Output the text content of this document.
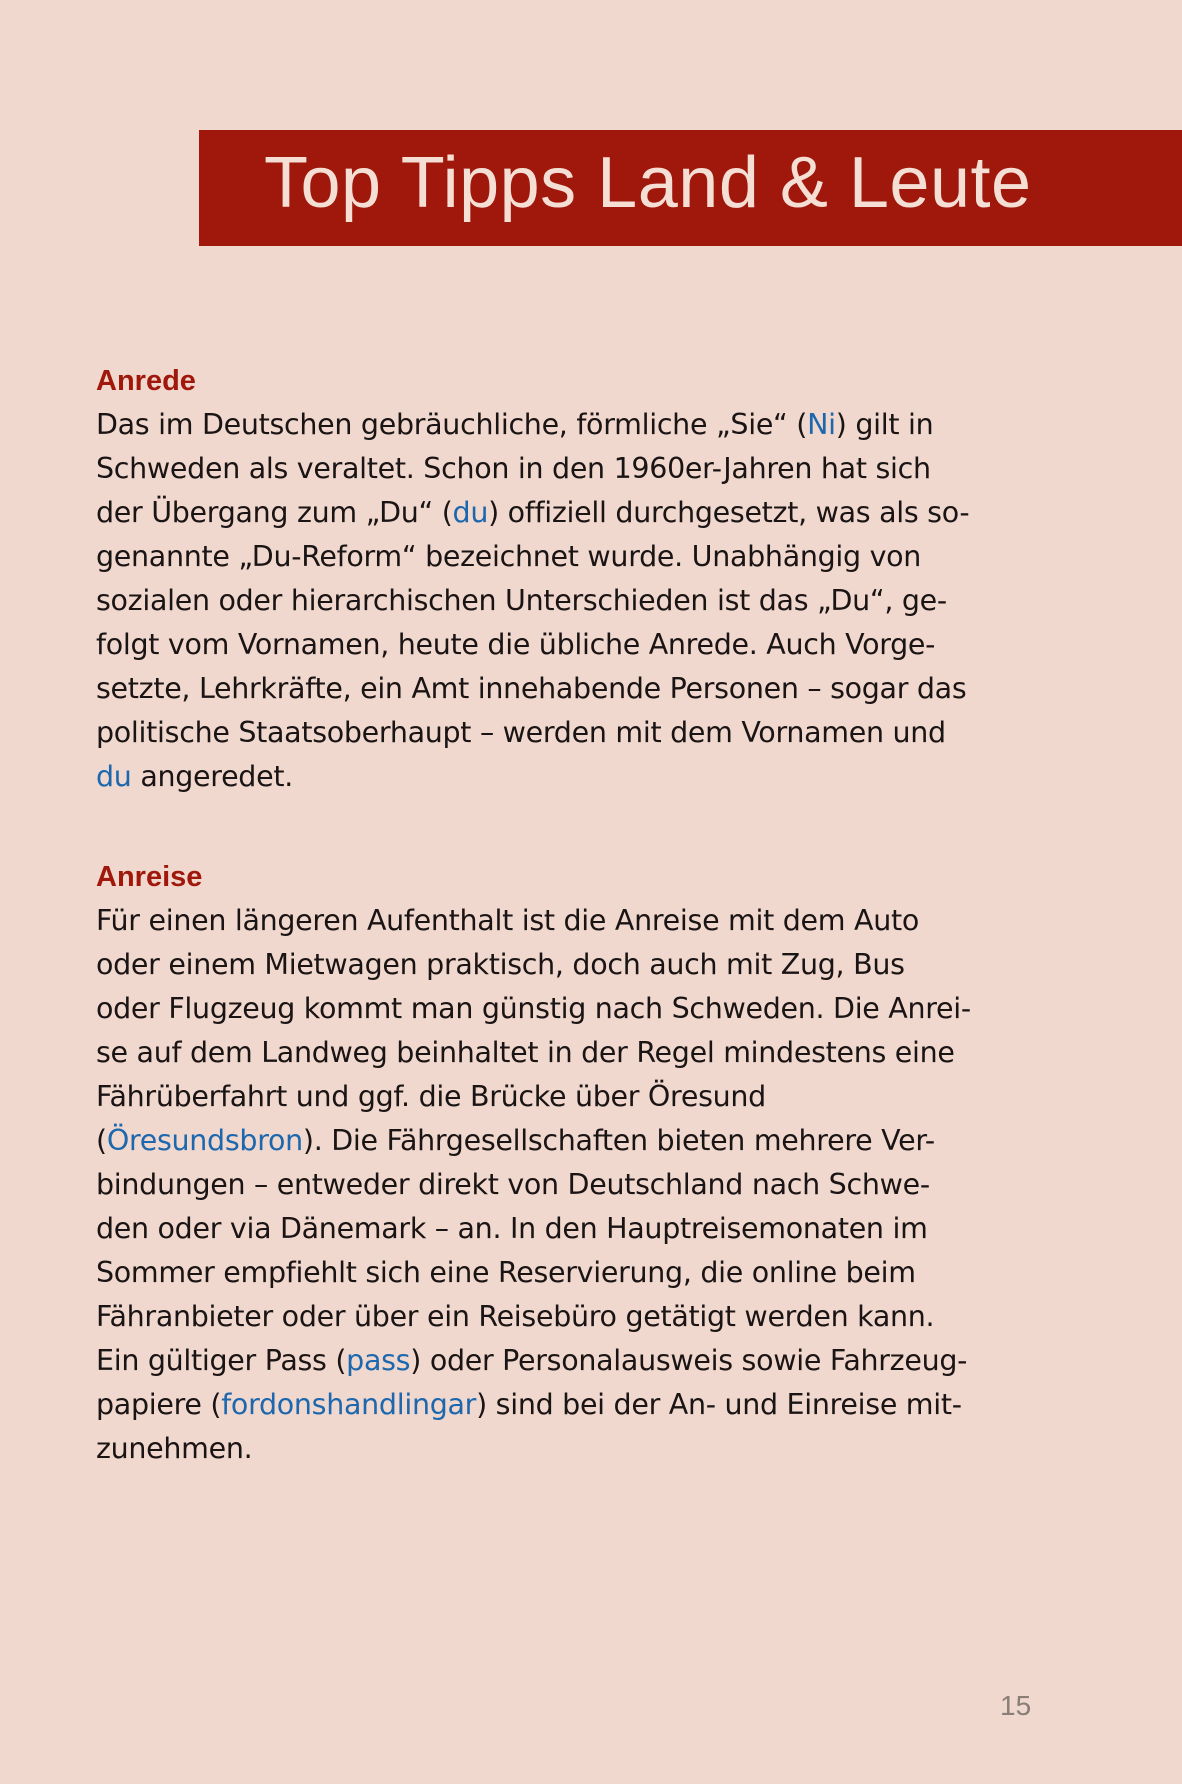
Top Tipps Land & Leute
Anrede
Das im Deutschen gebräuchliche, förmliche „Sie“ (Ni) gilt in
Schweden als veraltet. Schon in den 1960er-Jahren hat sich
der Übergang zum „Du“ (du) offiziell durchgesetzt, was als so-
genannte „Du-Reform“ bezeichnet wurde. Unabhängig von
sozialen oder hierarchischen Unterschieden ist das „Du“, ge-
folgt vom Vornamen, heute die übliche Anrede. Auch Vorge-
setzte, Lehrkräfte, ein Amt innehabende Personen – sogar das
politische Staatsoberhaupt – werden mit dem Vornamen und
du angeredet.
Anreise
Für einen längeren Aufenthalt ist die Anreise mit dem Auto
oder einem Mietwagen praktisch, doch auch mit Zug, Bus
oder Flugzeug kommt man günstig nach Schweden. Die Anrei-
se auf dem Landweg beinhaltet in der Regel mindestens eine
Fährüberfahrt und ggf. die Brücke über Öresund
(Öresundsbron). Die Fährgesellschaften bieten mehrere Ver-
bindungen – entweder direkt von Deutschland nach Schwe-
den oder via Dänemark – an. In den Hauptreisemonaten im
Sommer empfiehlt sich eine Reservierung, die online beim
Fähranbieter oder über ein Reisebüro getätigt werden kann.
Ein gültiger Pass (pass) oder Personalausweis sowie Fahrzeug-
papiere (fordonshandlingar) sind bei der An- und Einreise mit-
zunehmen.
15
